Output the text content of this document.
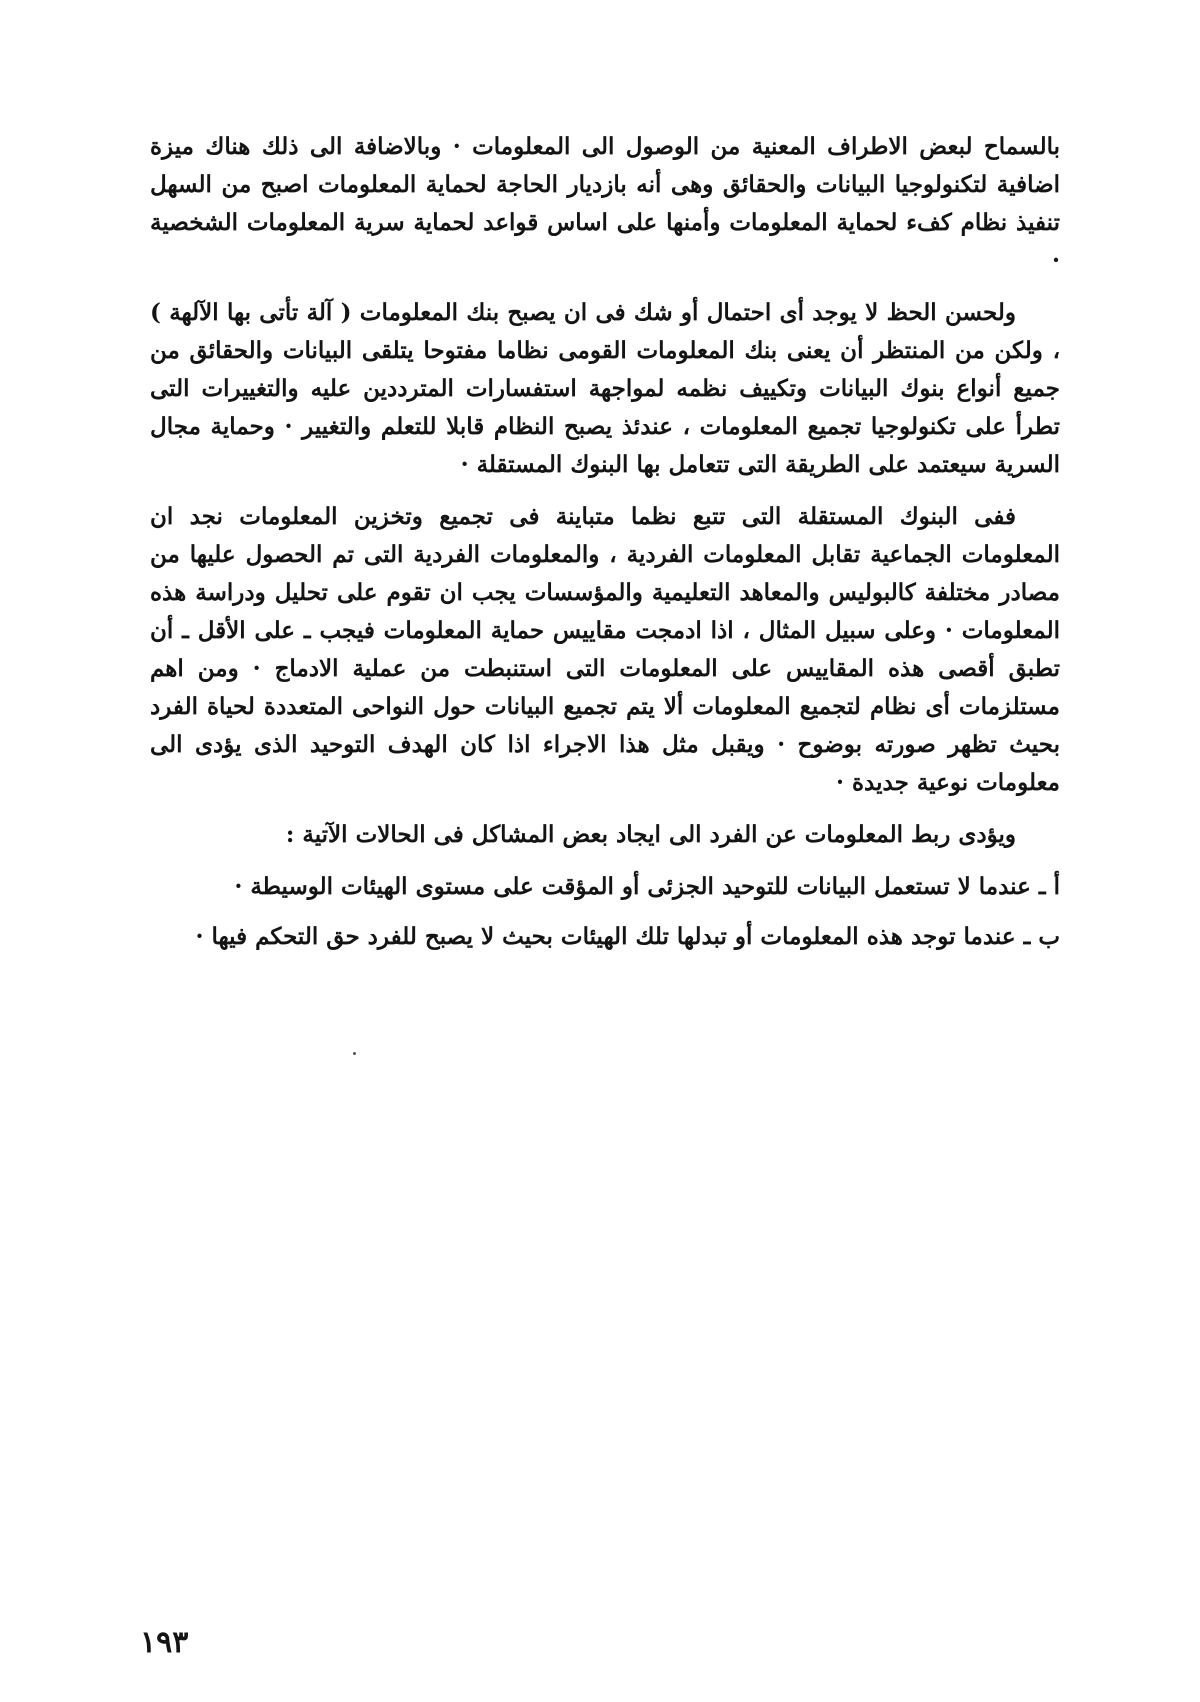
بالسماح لبعض الاطراف المعنية من الوصول الى المعلومات · وبالاضافة الى ذلك هناك ميزة اضافية لتكنولوجيا البيانات والحقائق وهى أنه بازديار الحاجة لحماية المعلومات اصبح من السهل تنفيذ نظام كفء لحماية المعلومات وأمنها على اساس قواعد لحماية سرية المعلومات الشخصية ·

ولحسن الحظ لا يوجد أى احتمال أو شك فى ان يصبح بنك المعلومات ( آلة تأتى بها الآلهة ) ، ولكن من المنتظر أن يعنى بنك المعلومات القومى نظاما مفتوحا يتلقى البيانات والحقائق من جميع أنواع بنوك البيانات وتكييف نظمه لمواجهة استفسارات المترددين عليه والتغييرات التى تطرأ على تكنولوجيا تجميع المعلومات ، عندئذ يصبح النظام قابلا للتعلم والتغيير · وحماية مجال السرية سيعتمد على الطريقة التى تتعامل بها البنوك المستقلة ·

ففى البنوك المستقلة التى تتبع نظما متباينة فى تجميع وتخزين المعلومات نجد ان المعلومات الجماعية تقابل المعلومات الفردية ، والمعلومات الفردية التى تم الحصول عليها من مصادر مختلفة كالبوليس والمعاهد التعليمية والمؤسسات يجب ان تقوم على تحليل ودراسة هذه المعلومات · وعلى سبيل المثال ، اذا ادمجت مقاييس حماية المعلومات فيجب ـ على الأقل ـ أن تطبق أقصى هذه المقاييس على المعلومات التى استنبطت من عملية الادماج · ومن اهم مستلزمات أى نظام لتجميع المعلومات ألا يتم تجميع البيانات حول النواحى المتعددة لحياة الفرد بحيث تظهر صورته بوضوح · ويقبل مثل هذا الاجراء اذا كان الهدف التوحيد الذى يؤدى الى معلومات نوعية جديدة ·

ويؤدى ربط المعلومات عن الفرد الى ايجاد بعض المشاكل فى الحالات الآتية :

أ ـ عندما لا تستعمل البيانات للتوحيد الجزئى أو المؤقت على مستوى الهيئات الوسيطة ·

ب ـ عندما توجد هذه المعلومات أو تبدلها تلك الهيئات بحيث لا يصبح للفرد حق التحكم فيها ·

١٩٣
